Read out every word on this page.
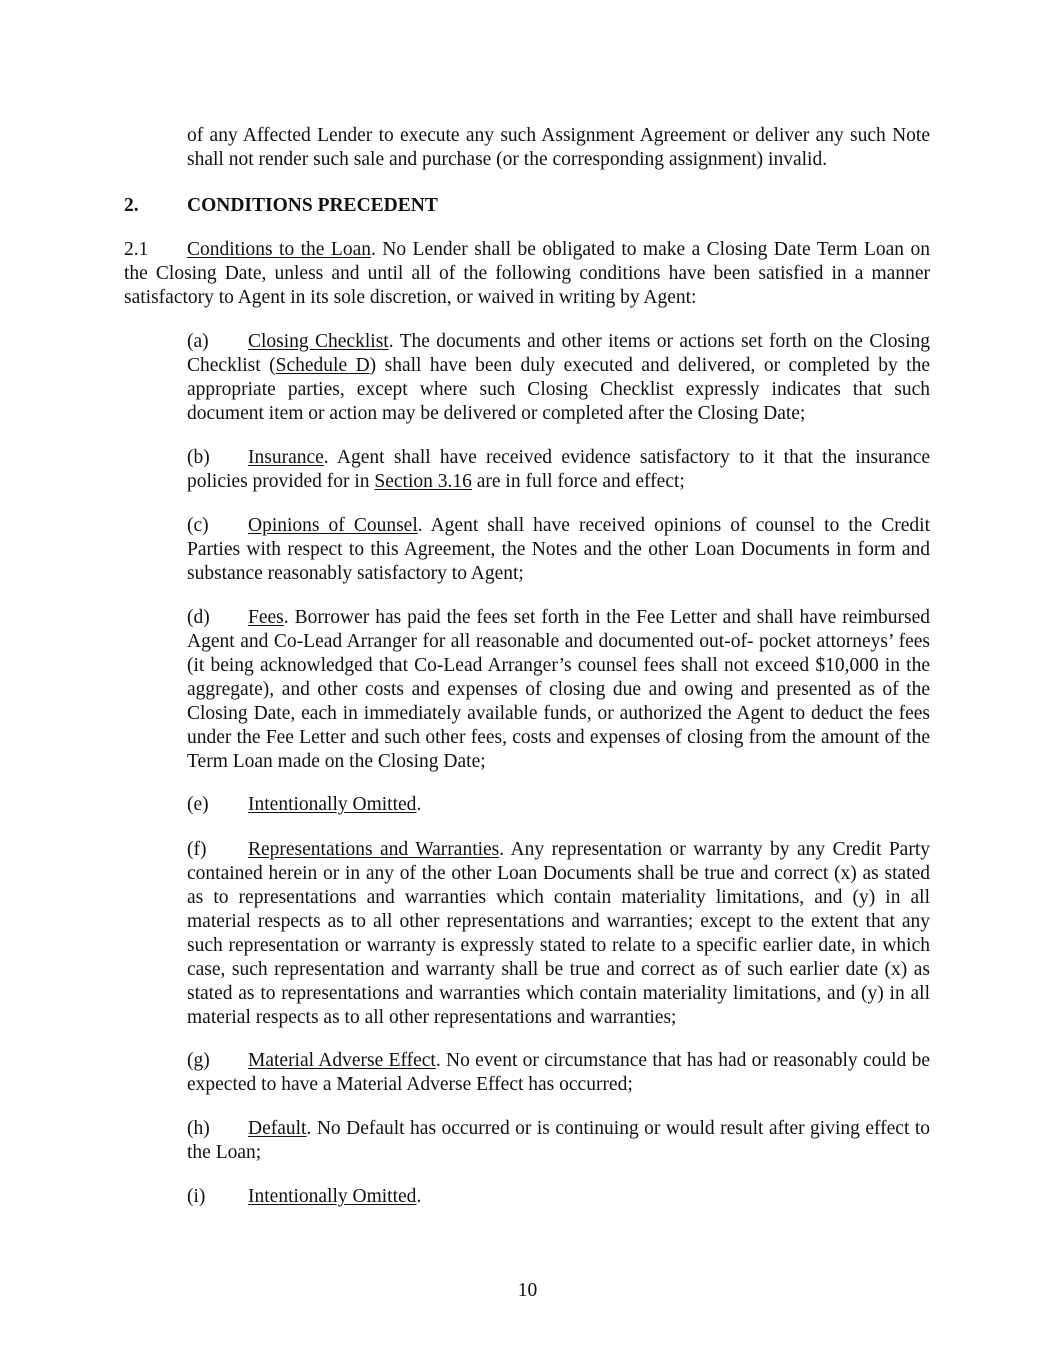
of any Affected Lender to execute any such Assignment Agreement or deliver any such Note shall not render such sale and purchase (or the corresponding assignment) invalid.

2. CONDITIONS PRECEDENT

2.1 Conditions to the Loan. No Lender shall be obligated to make a Closing Date Term Loan on the Closing Date, unless and until all of the following conditions have been satisfied in a manner satisfactory to Agent in its sole discretion, or waived in writing by Agent:

(a) Closing Checklist. The documents and other items or actions set forth on the Closing Checklist (Schedule D) shall have been duly executed and delivered, or completed by the appropriate parties, except where such Closing Checklist expressly indicates that such document item or action may be delivered or completed after the Closing Date;

(b) Insurance. Agent shall have received evidence satisfactory to it that the insurance policies provided for in Section 3.16 are in full force and effect;

(c) Opinions of Counsel. Agent shall have received opinions of counsel to the Credit Parties with respect to this Agreement, the Notes and the other Loan Documents in form and substance reasonably satisfactory to Agent;

(d) Fees. Borrower has paid the fees set forth in the Fee Letter and shall have reimbursed Agent and Co-Lead Arranger for all reasonable and documented out-of- pocket attorneys’ fees (it being acknowledged that Co-Lead Arranger’s counsel fees shall not exceed $10,000 in the aggregate), and other costs and expenses of closing due and owing and presented as of the Closing Date, each in immediately available funds, or authorized the Agent to deduct the fees under the Fee Letter and such other fees, costs and expenses of closing from the amount of the Term Loan made on the Closing Date;

(e) Intentionally Omitted.

(f) Representations and Warranties. Any representation or warranty by any Credit Party contained herein or in any of the other Loan Documents shall be true and correct (x) as stated as to representations and warranties which contain materiality limitations, and (y) in all material respects as to all other representations and warranties; except to the extent that any such representation or warranty is expressly stated to relate to a specific earlier date, in which case, such representation and warranty shall be true and correct as of such earlier date (x) as stated as to representations and warranties which contain materiality limitations, and (y) in all material respects as to all other representations and warranties;

(g) Material Adverse Effect. No event or circumstance that has had or reasonably could be expected to have a Material Adverse Effect has occurred;

(h) Default. No Default has occurred or is continuing or would result after giving effect to the Loan;

(i) Intentionally Omitted.

10
